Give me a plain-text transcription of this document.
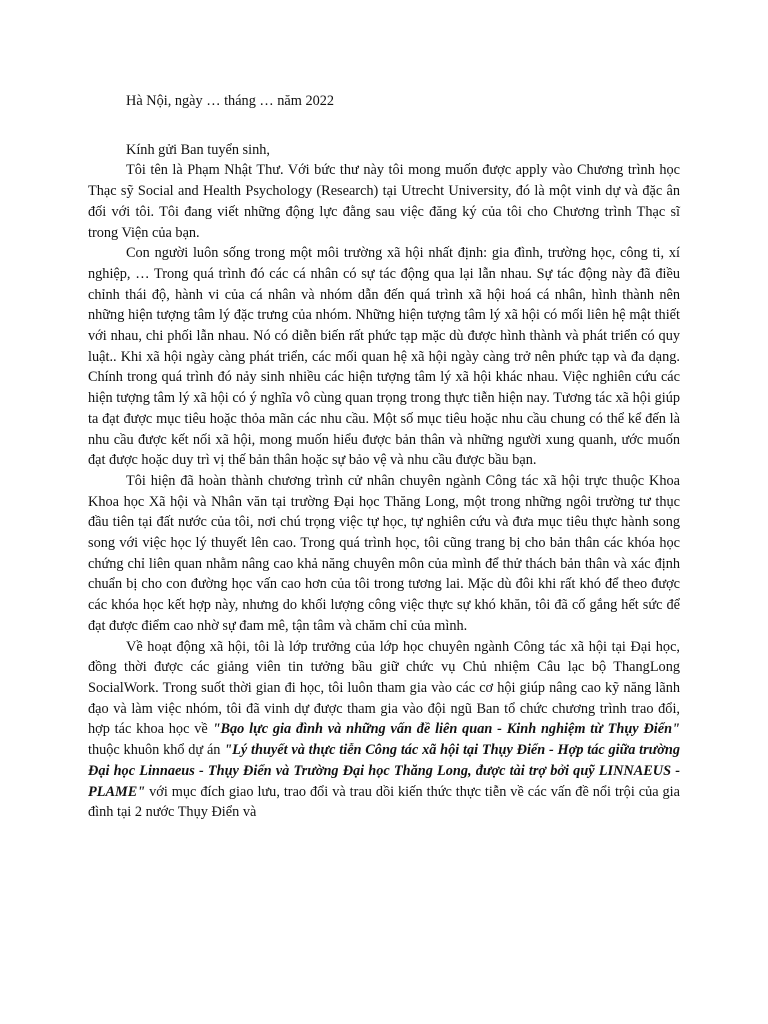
Hà Nội, ngày … tháng … năm 2022
Kính gửi Ban tuyển sinh,

Tôi tên là Phạm Nhật Thư. Với bức thư này tôi mong muốn được apply vào Chương trình học Thạc sỹ Social and Health Psychology (Research) tại Utrecht University, đó là một vinh dự và đặc ân đối với tôi. Tôi đang viết những động lực đằng sau việc đăng ký của tôi cho Chương trình Thạc sĩ trong Viện của bạn.

Con người luôn sống trong một môi trường xã hội nhất định: gia đình, trường học, công ti, xí nghiệp, … Trong quá trình đó các cá nhân có sự tác động qua lại lẫn nhau. Sự tác động này đã điều chỉnh thái độ, hành vi của cá nhân và nhóm dẫn đến quá trình xã hội hoá cá nhân, hình thành nên những hiện tượng tâm lý đặc trưng của nhóm. Những hiện tượng tâm lý xã hội có mối liên hệ mật thiết với nhau, chi phối lẫn nhau. Nó có diễn biến rất phức tạp mặc dù được hình thành và phát triển có quy luật.. Khi xã hội ngày càng phát triển, các mối quan hệ xã hội ngày càng trở nên phức tạp và đa dạng. Chính trong quá trình đó nảy sinh nhiều các hiện tượng tâm lý xã hội khác nhau. Việc nghiên cứu các hiện tượng tâm lý xã hội có ý nghĩa vô cùng quan trọng trong thực tiễn hiện nay. Tương tác xã hội giúp ta đạt được mục tiêu hoặc thỏa mãn các nhu cầu. Một số mục tiêu hoặc nhu cầu chung có thể kể đến là nhu cầu được kết nối xã hội, mong muốn hiểu được bản thân và những người xung quanh, ước muốn đạt được hoặc duy trì vị thế bản thân hoặc sự bảo vệ và nhu cầu được bầu bạn.

Tôi hiện đã hoàn thành chương trình cử nhân chuyên ngành Công tác xã hội trực thuộc Khoa Khoa học Xã hội và Nhân văn tại trường Đại học Thăng Long, một trong những ngôi trường tư thục đầu tiên tại đất nước của tôi, nơi chú trọng việc tự học, tự nghiên cứu và đưa mục tiêu thực hành song song với việc học lý thuyết lên cao. Trong quá trình học, tôi cũng trang bị cho bản thân các khóa học chứng chỉ liên quan nhằm nâng cao khả năng chuyên môn của mình để thử thách bản thân và xác định chuẩn bị cho con đường học vấn cao hơn của tôi trong tương lai. Mặc dù đôi khi rất khó để theo được các khóa học kết hợp này, nhưng do khối lượng công việc thực sự khó khăn, tôi đã cố gắng hết sức để đạt được điểm cao nhờ sự đam mê, tận tâm và chăm chỉ của mình.

Về hoạt động xã hội, tôi là lớp trưởng của lớp học chuyên ngành Công tác xã hội tại Đại học, đồng thời được các giảng viên tin tưởng bầu giữ chức vụ Chủ nhiệm Câu lạc bộ ThangLong SocialWork. Trong suốt thời gian đi học, tôi luôn tham gia vào các cơ hội giúp nâng cao kỹ năng lãnh đạo và làm việc nhóm, tôi đã vinh dự được tham gia vào đội ngũ Ban tổ chức chương trình trao đổi, hợp tác khoa học về "Bạo lực gia đình và những vấn đề liên quan - Kinh nghiệm từ Thụy Điển" thuộc khuôn khổ dự án "Lý thuyết và thực tiễn Công tác xã hội tại Thụy Điển - Hợp tác giữa trường Đại học Linnaeus - Thụy Điển và Trường Đại học Thăng Long, được tài trợ bởi quỹ LINNAEUS - PLAME" với mục đích giao lưu, trao đổi và trau dồi kiến thức thực tiễn về các vấn đề nổi trội của gia đình tại 2 nước Thụy Điển và
